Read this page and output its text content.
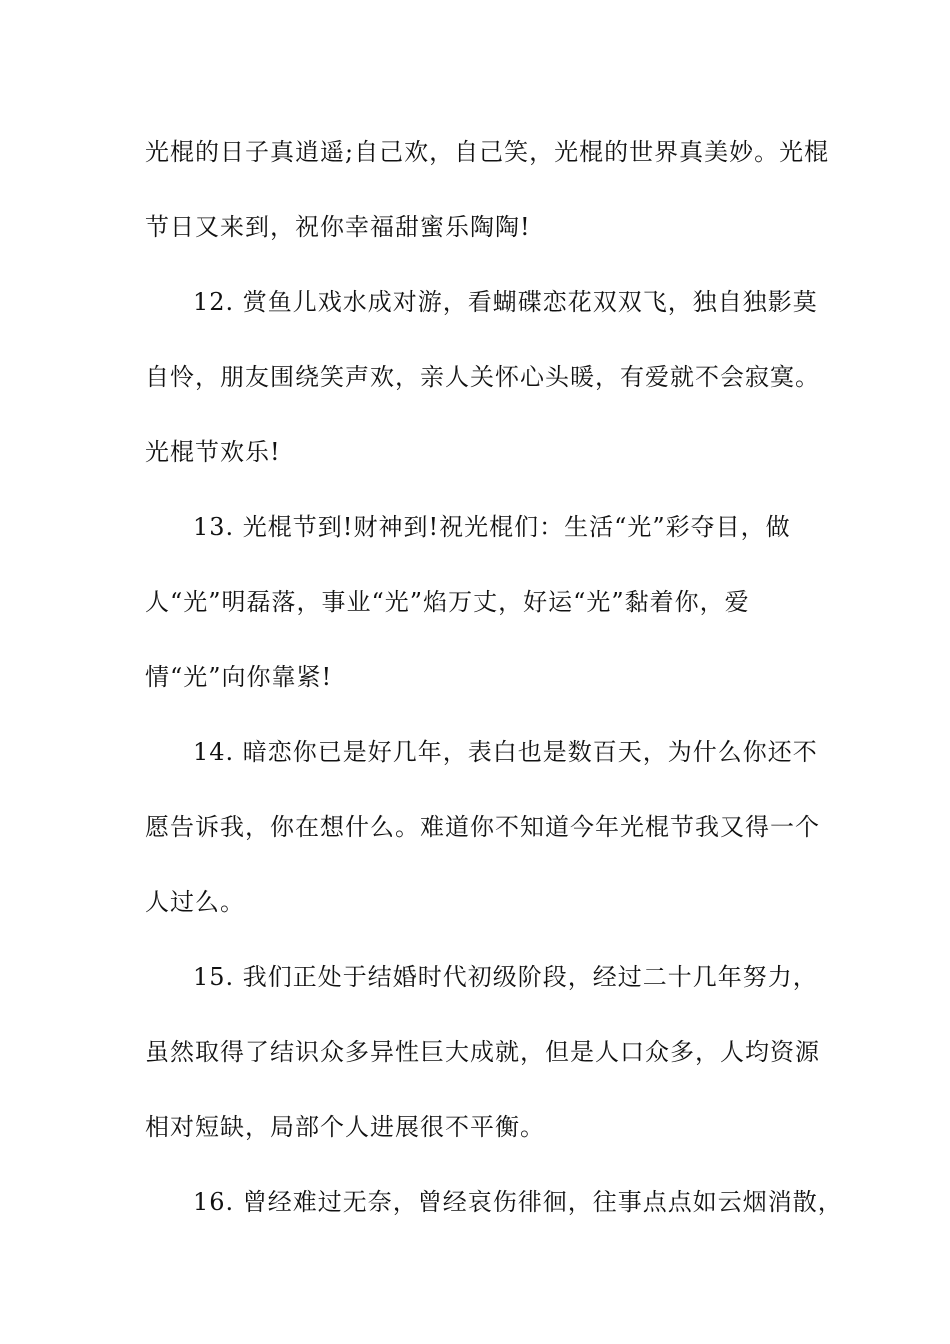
光棍的日子真逍遥;自己欢，自己笑，光棍的世界真美妙。光棍
节日又来到，祝你幸福甜蜜乐陶陶!
12. 赏鱼儿戏水成对游，看蝴碟恋花双双飞，独自独影莫
自怜，朋友围绕笑声欢，亲人关怀心头暖，有爱就不会寂寞。
光棍节欢乐!
13. 光棍节到!财神到!祝光棍们：生活“光”彩夺目，做
人“光”明磊落，事业“光”焰万丈，好运“光”黏着你，爱
情“光”向你靠紧!
14. 暗恋你已是好几年，表白也是数百天，为什么你还不
愿告诉我，你在想什么。难道你不知道今年光棍节我又得一个
人过么。
15. 我们正处于结婚时代初级阶段，经过二十几年努力，
虽然取得了结识众多异性巨大成就，但是人口众多，人均资源
相对短缺，局部个人进展很不平衡。
16. 曾经难过无奈，曾经哀伤徘徊，往事点点如云烟消散，
